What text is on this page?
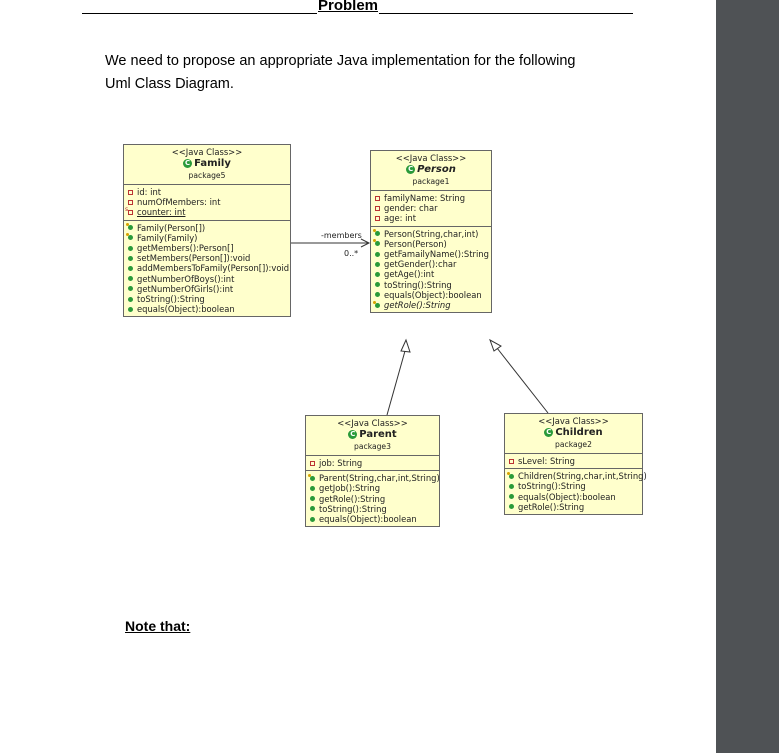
Problem
We need to propose an appropriate Java implementation for the following
Uml Class Diagram.
-members
0..*
<<Java Class>>
C Family
package5
id: int
numOfMembers: int
s
counter: int
Family(Person[])
Family(Family)
getMembers():Person[]
setMembers(Person[]):void
addMembersToFamily(Person[]):void
getNumberOfBoys():int
getNumberOfGirls():int
toString():String
equals(Object):boolean
<<Java Class>>
C Person
package1
familyName: String
gender: char
age: int
Person(String,char,int)
Person(Person)
getFamailyName():String
getGender():char
getAge():int
toString():String
equals(Object):boolean
getRole():String
<<Java Class>>
C Parent
package3
job: String
Parent(String,char,int,String)
getJob():String
getRole():String
toString():String
equals(Object):boolean
<<Java Class>>
C Children
package2
sLevel: String
Children(String,char,int,String)
toString():String
equals(Object):boolean
getRole():String
Note that:
